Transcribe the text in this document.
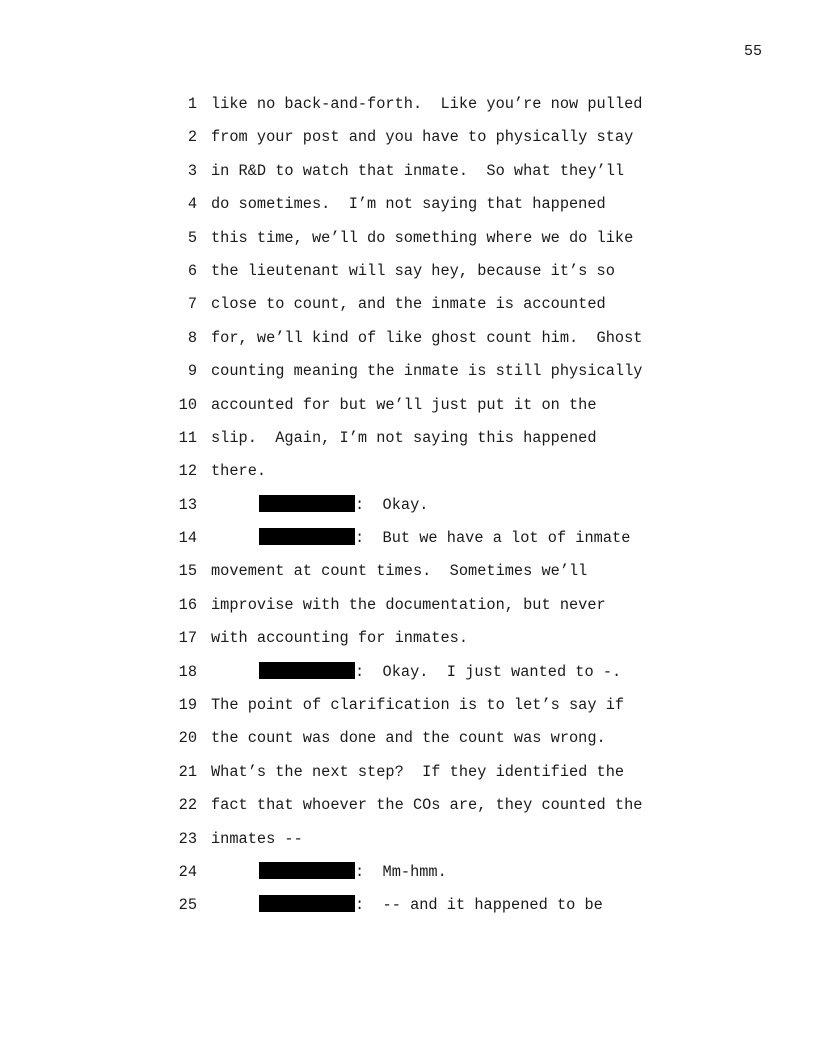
55
1 like no back-and-forth.  Like you’re now pulled
2 from your post and you have to physically stay
3 in R&D to watch that inmate.  So what they’ll
4 do sometimes.  I’m not saying that happened
5 this time, we’ll do something where we do like
6 the lieutenant will say hey, because it’s so
7 close to count, and the inmate is accounted
8 for, we’ll kind of like ghost count him.  Ghost
9 counting meaning the inmate is still physically
10 accounted for but we’ll just put it on the
11 slip.  Again, I’m not saying this happened
12 there.
13	:  Okay.
14	:  But we have a lot of inmate
15 movement at count times.  Sometimes we’ll
16 improvise with the documentation, but never
17 with accounting for inmates.
18	:  Okay.  I just wanted to -.
19 The point of clarification is to let’s say if
20 the count was done and the count was wrong.
21 What’s the next step?  If they identified the
22 fact that whoever the COs are, they counted the
23 inmates --
24	:  Mm-hmm.
25	:  -- and it happened to be
